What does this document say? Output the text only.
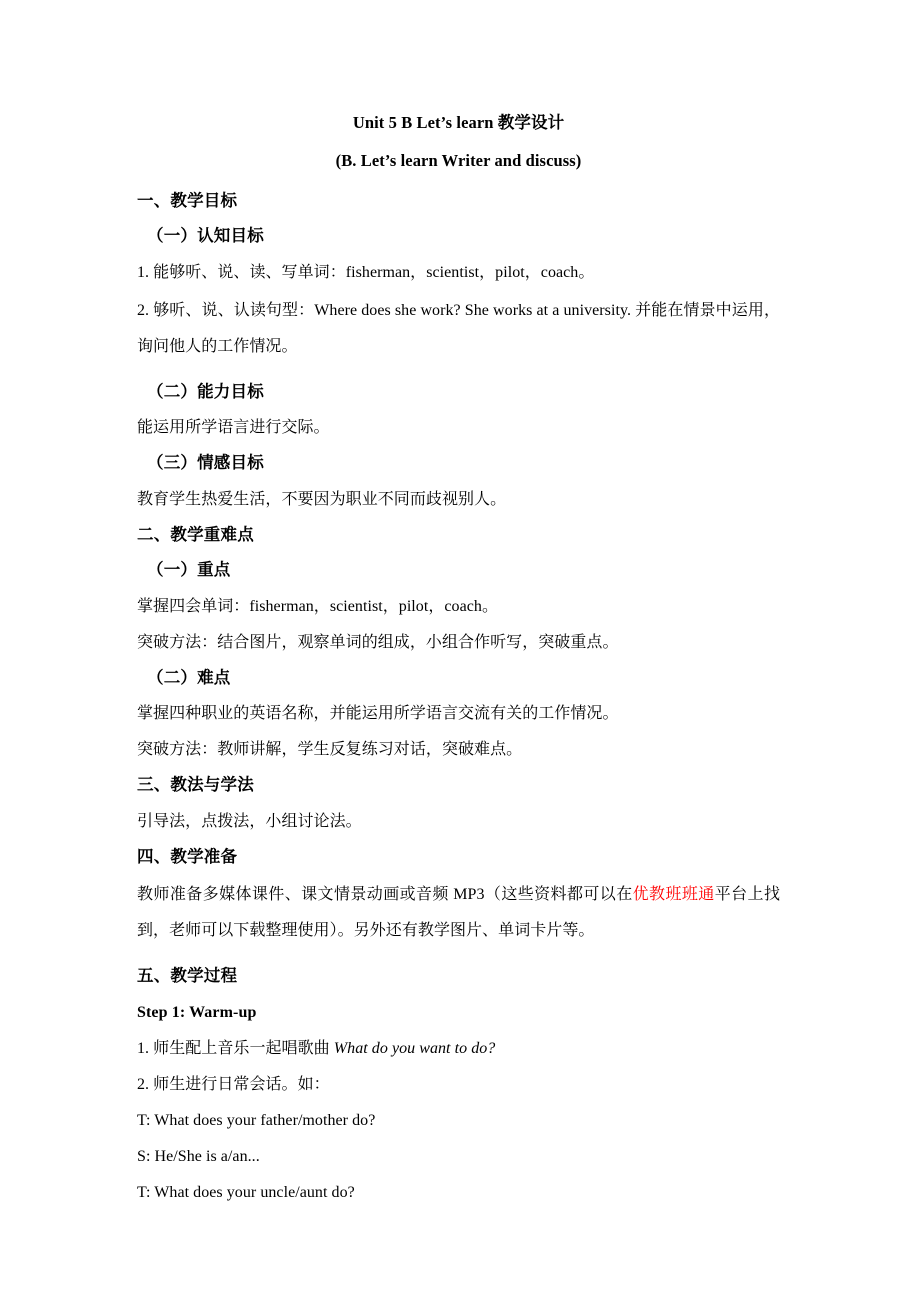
Unit 5 B Let’s learn 教学设计
(B. Let’s learn Writer and discuss)
一、教学目标
（一）认知目标
1. 能够听、说、读、写单词：fisherman，scientist，pilot，coach。
2. 够听、说、认读句型：Where does she work? She works at a university. 并能在情景中运用，询问他人的工作情况。
（二）能力目标
能运用所学语言进行交际。
（三）情感目标
教育学生热爱生活，不要因为职业不同而歧视别人。
二、教学重难点
（一）重点
掌握四会单词：fisherman，scientist，pilot，coach。
突破方法：结合图片，观察单词的组成，小组合作听写，突破重点。
（二）难点
掌握四种职业的英语名称，并能运用所学语言交流有关的工作情况。
突破方法：教师讲解，学生反复练习对话，突破难点。
三、教法与学法
引导法，点拨法，小组讨论法。
四、教学准备
教师准备多媒体课件、课文情景动画或音频 MP3（这些资料都可以在优教班班通平台上找到，老师可以下载整理使用）。另外还有教学图片、单词卡片等。
五、教学过程
Step 1: Warm-up
1. 师生配上音乐一起唱歌曲 What do you want to do?
2. 师生进行日常会话。如：
T: What does your father/mother do?
S: He/She is a/an...
T: What does your uncle/aunt do?
